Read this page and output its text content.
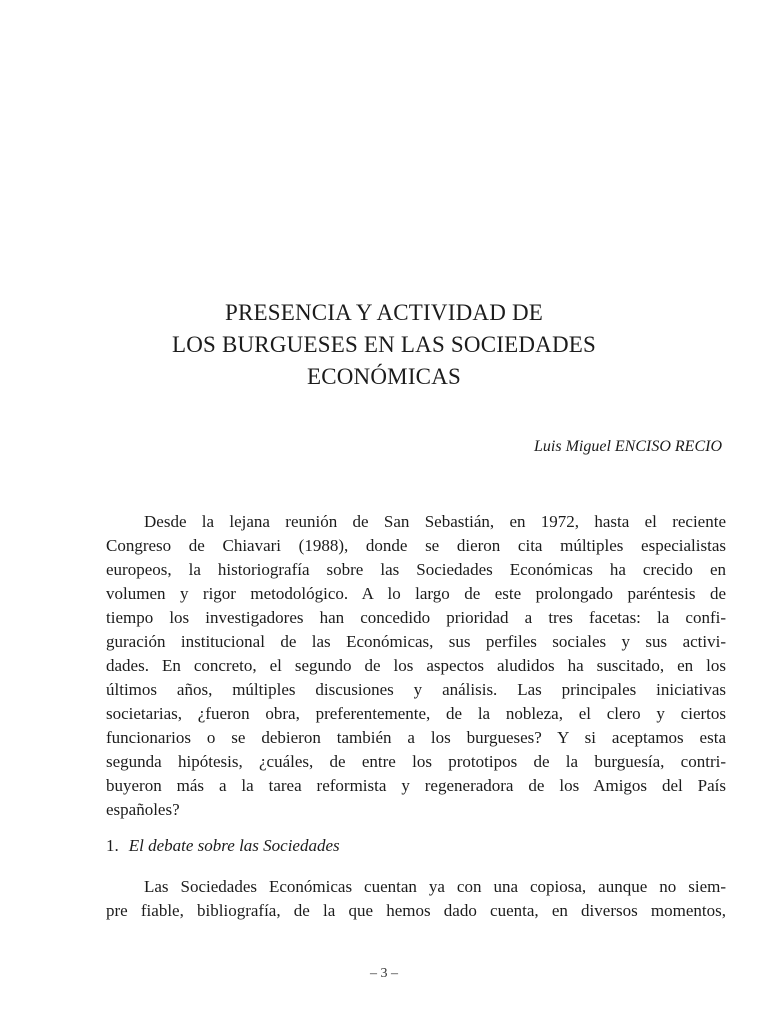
PRESENCIA Y ACTIVIDAD DE
LOS BURGUESES EN LAS SOCIEDADES
ECONÓMICAS

Luis Miguel ENCISO RECIO

Desde la lejana reunión de San Sebastián, en 1972, hasta el reciente
Congreso de Chiavari (1988), donde se dieron cita múltiples especialistas
europeos, la historiografía sobre las Sociedades Económicas ha crecido en
volumen y rigor metodológico. A lo largo de este prolongado paréntesis de
tiempo los investigadores han concedido prioridad a tres facetas: la confi-
guración institucional de las Económicas, sus perfiles sociales y sus activi-
dades. En concreto, el segundo de los aspectos aludidos ha suscitado, en los
últimos años, múltiples discusiones y análisis. Las principales iniciativas
societarias, ¿fueron obra, preferentemente, de la nobleza, el clero y ciertos
funcionarios o se debieron también a los burgueses? Y si aceptamos esta
segunda hipótesis, ¿cuáles, de entre los prototipos de la burguesía, contri-
buyeron más a la tarea reformista y regeneradora de los Amigos del País
españoles?
1. El debate sobre las Sociedades
Las Sociedades Económicas cuentan ya con una copiosa, aunque no siem-
pre fiable, bibliografía, de la que hemos dado cuenta, en diversos momentos,

– 3 –
